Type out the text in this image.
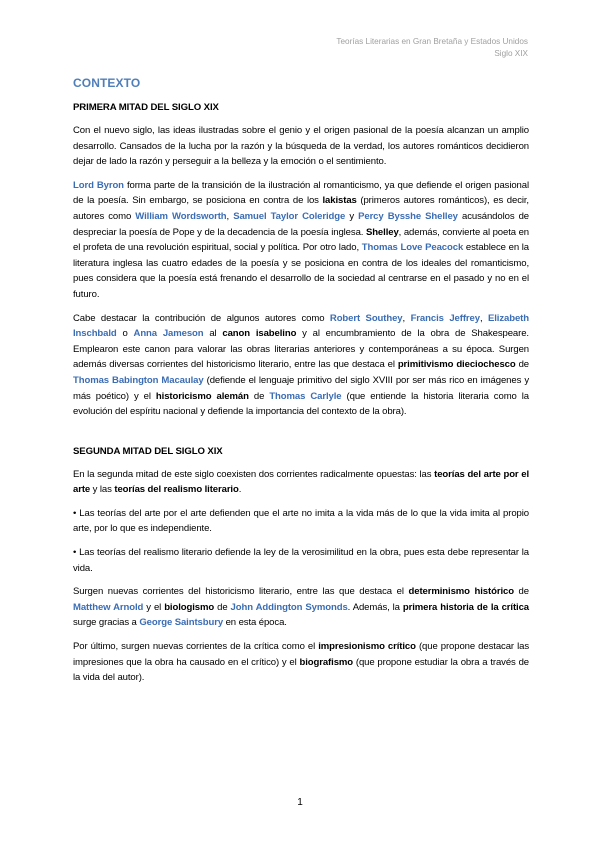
Teorías Literarias en Gran Bretaña y Estados Unidos
Siglo XIX
CONTEXTO
PRIMERA MITAD DEL SIGLO XIX

Con el nuevo siglo, las ideas ilustradas sobre el genio y el origen pasional de la poesía alcanzan un amplio desarrollo. Cansados de la lucha por la razón y la búsqueda de la verdad, los autores románticos decidieron dejar de lado la razón y perseguir a la belleza y la emoción o el sentimiento.

Lord Byron forma parte de la transición de la ilustración al romanticismo, ya que defiende el origen pasional de la poesía. Sin embargo, se posiciona en contra de los lakistas (primeros autores románticos), es decir, autores como William Wordsworth, Samuel Taylor Coleridge y Percy Bysshe Shelley acusándolos de despreciar la poesía de Pope y de la decadencia de la poesía inglesa. Shelley, además, convierte al poeta en el profeta de una revolución espiritual, social y política. Por otro lado, Thomas Love Peacock establece en la literatura inglesa las cuatro edades de la poesía y se posiciona en contra de los ideales del romanticismo, pues considera que la poesía está frenando el desarrollo de la sociedad al centrarse en el pasado y no en el futuro.

Cabe destacar la contribución de algunos autores como Robert Southey, Francis Jeffrey, Elizabeth Inschbald o Anna Jameson al canon isabelino y al encumbramiento de la obra de Shakespeare. Emplearon este canon para valorar las obras literarias anteriores y contemporáneas a su época. Surgen además diversas corrientes del historicismo literario, entre las que destaca el primitivismo dieciochesco de Thomas Babington Macaulay (defiende el lenguaje primitivo del siglo XVIII por ser más rico en imágenes y más poético) y el historicismo alemán de Thomas Carlyle (que entiende la historia literaria como la evolución del espíritu nacional y defiende la importancia del contexto de la obra).

SEGUNDA MITAD DEL SIGLO XIX

En la segunda mitad de este siglo coexisten dos corrientes radicalmente opuestas: las teorías del arte por el arte y las teorías del realismo literario.

• Las teorías del arte por el arte defienden que el arte no imita a la vida más de lo que la vida imita al propio arte, por lo que es independiente.

• Las teorías del realismo literario defiende la ley de la verosimilitud en la obra, pues esta debe representar la vida.

Surgen nuevas corrientes del historicismo literario, entre las que destaca el determinismo histórico de Matthew Arnold y el biologismo de John Addington Symonds. Además, la primera historia de la crítica surge gracias a George Saintsbury en esta época.

Por último, surgen nuevas corrientes de la crítica como el impresionismo crítico (que propone destacar las impresiones que la obra ha causado en el crítico) y el biografismo (que propone estudiar la obra a través de la vida del autor).

1
